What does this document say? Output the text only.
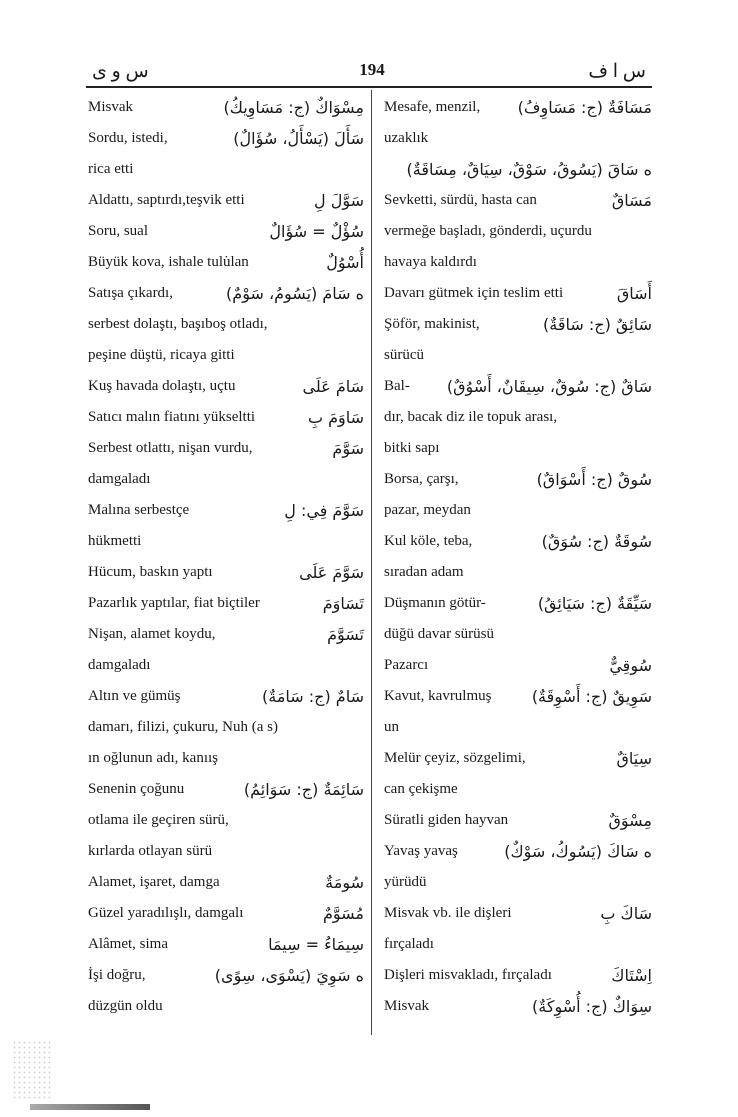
س و ى	194	س ا ف
Misvak	مِسْوَاكٌ (ج: مَسَاوِيكُ)
Sordu, istedi,	سَأَلَ (يَسْأَلُ، سُؤَالٌ)
rica etti
Aldattı, saptırdı,teşvik etti	سَوَّلَ لِ
Soru, sual	سُؤْلٌ = سُؤَالٌ
Büyük kova, ishale tulu̇lan	أُسْوُلٌ
Satışa çıkardı,	ه سَامَ (يَسُومُ، سَوْمٌ)
serbest dolaştı, başıboş otladı,
peşine düştü, ricaya gitti
Kuş havada dolaştı, uçtu	سَامَ عَلَى
Satıcı malın fiatını yükseltti	سَاوَمَ بِ
Serbest otlattı, nişan vurdu,	سَوَّمَ
damgaladı
Malına serbestçe	سَوَّمَ فِي: لِ
hükmetti
Hücum, baskın yaptı	سَوَّمَ عَلَى
Pazarlık yaptılar, fiat biçtiler	تَسَاوَمَ
Nişan, alamet koydu,	تَسَوَّمَ
damgaladı
Altın ve gümüş	سَامٌ (ج: سَامَةٌ)
damarı, filizi, çukuru, Nuh (a s)
ın oğlunun adı, kanıış
Senenin çoğunu	سَائِمَةٌ (ج: سَوَائِمُ)
otlama ile geçiren sürü,
kırlarda otlayan sürü
Alamet, işaret, damga	سُومَةٌ
Güzel yaradılışlı, damgalı	مُسَوَّمٌ
Alâmet, sima	سِيمَاءُ = سِيمَا
İşi doğru,	ه سَوِيَ (يَسْوَى، سِوًى)
düzgün oldu
Mesafe, menzil, مَسَافَةٌ (ج: مَسَاوِفُ)
uzaklık
ه سَاقَ (يَسُوقُ، سَوْقٌ، سِيَاقٌ، مِسَاقَةٌ)
Sevketti, sürdü, hasta can	مَسَاقٌ
vermeğe başladı, gönderdi, uçurdu
havaya kaldırdı
Davarı gütmek için teslim etti	أَسَاقَ
Şöför, makinist,	سَائِقٌ (ج: سَاقَةٌ)
sürücü
Bal- سَاقٌ (ج: سُوقٌ، سِيقَانٌ، أَسْوُقٌ)
dır, bacak diz ile topuk arası,
bitki sapı
Borsa, çarşı,	سُوقٌ (ج: أَسْوَاقٌ)
pazar, meydan
Kul köle, teba,	سُوقَةٌ (ج: سُوَقٌ)
sıradan adam
Düşmanın götür-	سَيِّقَةٌ (ج: سَيَائِقُ)
düğü davar sürüsü
Pazarcı	سُوقِيٌّ
Kavut, kavrulmuş	سَوِيقٌ (ج: أَسْوِقَةٌ)
un
Melür çeyiz, sözgelimi,	سِيَاقٌ
can çekişme
Süratli giden hayvan	مِسْوَقٌ
Yavaş yavaş	ه سَاكَ (يَسُوكُ، سَوْكٌ)
yürüdü
Misvak vb. ile dişleri	سَاكَ بِ
fırçaladı
Dişleri misvakladı, fırçaladı	اِسْتَاكَ
Misvak	سِوَاكٌ (ج: أُسْوِكَةٌ)
